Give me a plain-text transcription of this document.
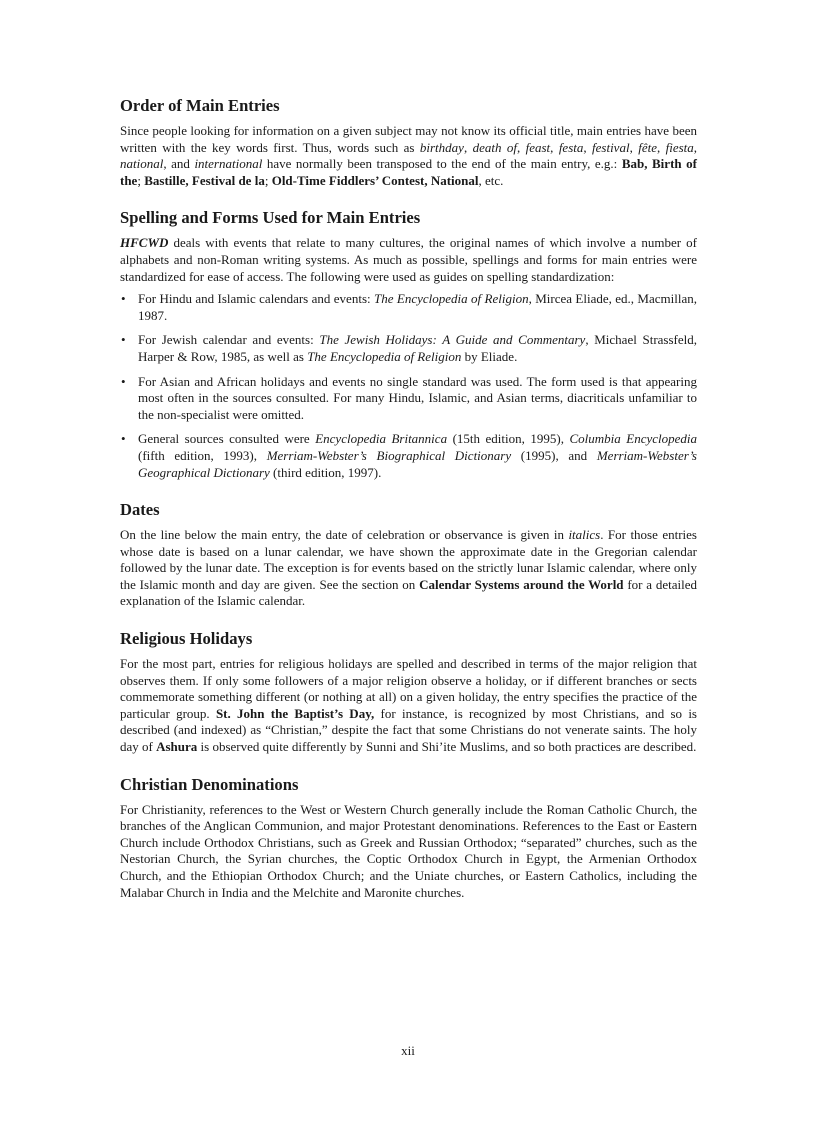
Order of Main Entries

Since people looking for information on a given subject may not know its official title, main entries have been written with the key words first. Thus, words such as birthday, death of, feast, festa, festival, fête, fiesta, national, and international have normally been transposed to the end of the main entry, e.g.: Bab, Birth of the; Bastille, Festival de la; Old-Time Fiddlers’ Contest, National, etc.

Spelling and Forms Used for Main Entries

HFCWD deals with events that relate to many cultures, the original names of which involve a number of alphabets and non-Roman writing systems. As much as possible, spellings and forms for main entries were standardized for ease of access. The following were used as guides on spelling standardization:

• For Hindu and Islamic calendars and events: The Encyclopedia of Religion, Mircea Eliade, ed., Macmillan, 1987.
• For Jewish calendar and events: The Jewish Holidays: A Guide and Commentary, Michael Strassfeld, Harper & Row, 1985, as well as The Encyclopedia of Religion by Eliade.
• For Asian and African holidays and events no single standard was used. The form used is that appearing most often in the sources consulted. For many Hindu, Islamic, and Asian terms, diacriticals unfamiliar to the non-specialist were omitted.
• General sources consulted were Encyclopedia Britannica (15th edition, 1995), Columbia Encyclopedia (fifth edition, 1993), Merriam-Webster’s Biographical Dictionary (1995), and Merriam-Webster’s Geographical Dictionary (third edition, 1997).
Dates

On the line below the main entry, the date of celebration or observance is given in italics. For those entries whose date is based on a lunar calendar, we have shown the approximate date in the Gregorian calendar followed by the lunar date. The exception is for events based on the strictly lunar Islamic calendar, where only the Islamic month and day are given. See the section on Calendar Systems around the World for a detailed explanation of the Islamic calendar.

Religious Holidays

For the most part, entries for religious holidays are spelled and described in terms of the major religion that observes them. If only some followers of a major religion observe a holiday, or if different branches or sects commemorate something different (or nothing at all) on a given holiday, the entry specifies the practice of the particular group. St. John the Baptist’s Day, for instance, is recognized by most Christians, and so is described (and indexed) as “Christian,” despite the fact that some Christians do not venerate saints. The holy day of Ashura is observed quite differently by Sunni and Shi’ite Muslims, and so both practices are described.

Christian Denominations

For Christianity, references to the West or Western Church generally include the Roman Catholic Church, the branches of the Anglican Communion, and major Protestant denominations. References to the East or Eastern Church include Orthodox Christians, such as Greek and Russian Orthodox; “separated” churches, such as the Nestorian Church, the Syrian churches, the Coptic Orthodox Church in Egypt, the Armenian Orthodox Church, and the Ethiopian Orthodox Church; and the Uniate churches, or Eastern Catholics, including the Malabar Church in India and the Melchite and Maronite churches.

xii
